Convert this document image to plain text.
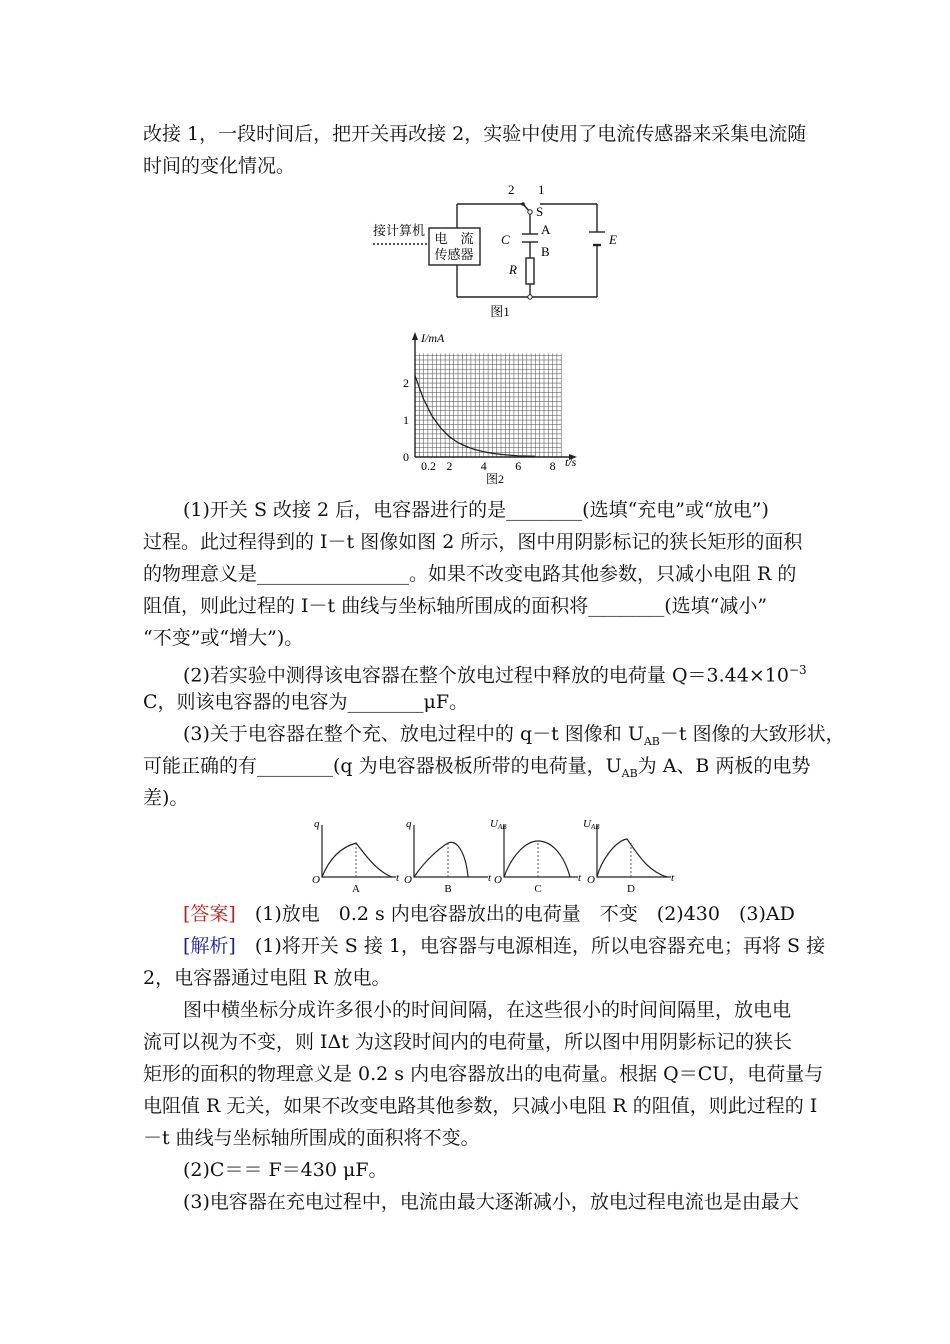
改接 1，一段时间后，把开关再改接 2，实验中使用了电流传感器来采集电流随
时间的变化情况。
接计算机
电　流
传感器
2 1
S
C
A
B
R
E
图1
I/mA
t/s
0
1
2
0.2 2 4 6 8
图2
(1)开关 S 改接 2 后，电容器进行的是________(选填“充电”或“放电”)
过程。此过程得到的 I－t 图像如图 2 所示，图中用阴影标记的狭长矩形的面积
的物理意义是________________。如果不改变电路其他参数，只减小电阻 R 的
阻值，则此过程的 I－t 曲线与坐标轴所围成的面积将________(选填“减小”
“不变”或“增大”)。
(2)若实验中测得该电容器在整个放电过程中释放的电荷量 $Q=3.44\times 10^{-3}$
C，则该电容器的电容为________μF。
(3)关于电容器在整个充、放电过程中的 q－t 图像和 $U_{AB}-t$ 图像的大致形状，
可能正确的有________(q 为电容器极板所带的电荷量，$U_{AB}$为 A、B 两板的电势
差)。
q
O	t
A
q
O	t
B
UAB
O	t
C
UAB
O	t
D
[答案]　 (1)放电　0.2 s 内电容器放出的电荷量　不变　(2)430　(3)AD
[解析]　 (1)将开关 S 接 1，电容器与电源相连，所以电容器充电；再将 S 接
2，电容器通过电阻 R 放电。
图中横坐标分成许多很小的时间间隔，在这些很小的时间间隔里，放电电
流可以视为不变，则 IΔt 为这段时间内的电荷量，所以图中用阴影标记的狭长
矩形的面积的物理意义是 0.2 s 内电容器放出的电荷量。根据 Q＝CU，电荷量与
电阻值 R 无关，如果不改变电路其他参数，只减小电阻 R 的阻值，则此过程的 I
－t 曲线与坐标轴所围成的面积将不变。
(2)C＝＝ F＝430 μF。
(3)电容器在充电过程中，电流由最大逐渐减小，放电过程电流也是由最大
